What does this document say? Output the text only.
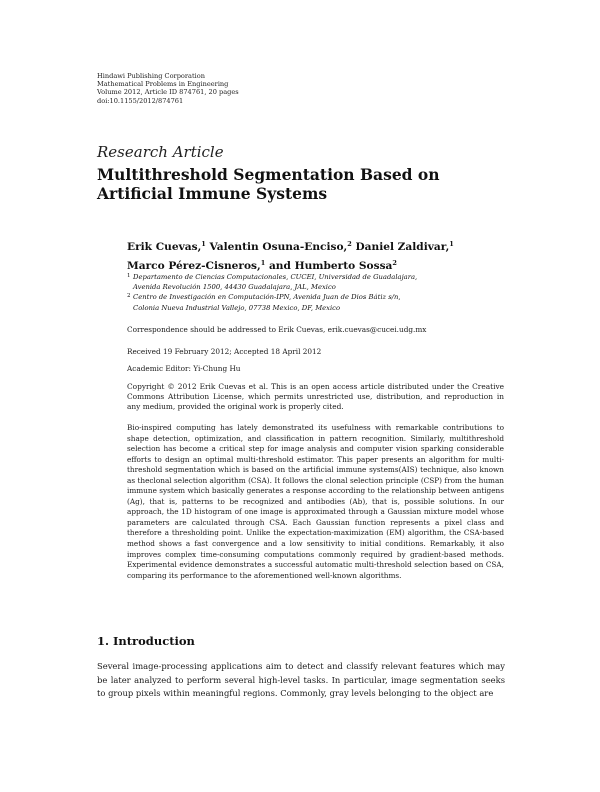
Hindawi Publishing Corporation
Mathematical Problems in Engineering
Volume 2012, Article ID 874761, 20 pages
doi:10.1155/2012/874761
Research Article
Multithreshold Segmentation Based on Artificial Immune Systems
Erik Cuevas,$^1$ Valentin Osuna-Enciso,$^2$ Daniel Zaldivar,$^1$
Marco Pérez-Cisneros,$^1$ and Humberto Sossa$^2$
1 Departamento de Ciencias Computacionales, CUCEI, Universidad de Guadalajara,
Avenida Revolución 1500, 44430 Guadalajara, JAL, Mexico
2 Centro de Investigación en Computación-IPN, Avenida Juan de Dios Bátiz s/n,
Colonia Nueva Industrial Vallejo, 07738 Mexico, DF, Mexico
Correspondence should be addressed to Erik Cuevas, erik.cuevas@cucei.udg.mx
Received 19 February 2012; Accepted 18 April 2012
Academic Editor: Yi-Chung Hu
Copyright © 2012 Erik Cuevas et al. This is an open access article distributed under the Creative Commons Attribution License, which permits unrestricted use, distribution, and reproduction in any medium, provided the original work is properly cited.
Bio-inspired computing has lately demonstrated its usefulness with remarkable contributions to shape detection, optimization, and classification in pattern recognition. Similarly, multithreshold selection has become a critical step for image analysis and computer vision sparking considerable efforts to design an optimal multi-threshold estimator. This paper presents an algorithm for multi-threshold segmentation which is based on the artificial immune systems(AIS) technique, also known as theclonal selection algorithm (CSA). It follows the clonal selection principle (CSP) from the human immune system which basically generates a response according to the relationship between antigens (Ag), that is, patterns to be recognized and antibodies (Ab), that is, possible solutions. In our approach, the 1D histogram of one image is approximated through a Gaussian mixture model whose parameters are calculated through CSA. Each Gaussian function represents a pixel class and therefore a thresholding point. Unlike the expectation-maximization (EM) algorithm, the CSA-based method shows a fast convergence and a low sensitivity to initial conditions. Remarkably, it also improves complex time-consuming computations commonly required by gradient-based methods. Experimental evidence demonstrates a successful automatic multi-threshold selection based on CSA, comparing its performance to the aforementioned well-known algorithms.
1. Introduction
Several image-processing applications aim to detect and classify relevant features which may be later analyzed to perform several high-level tasks. In particular, image segmentation seeks to group pixels within meaningful regions. Commonly, gray levels belonging to the object are
